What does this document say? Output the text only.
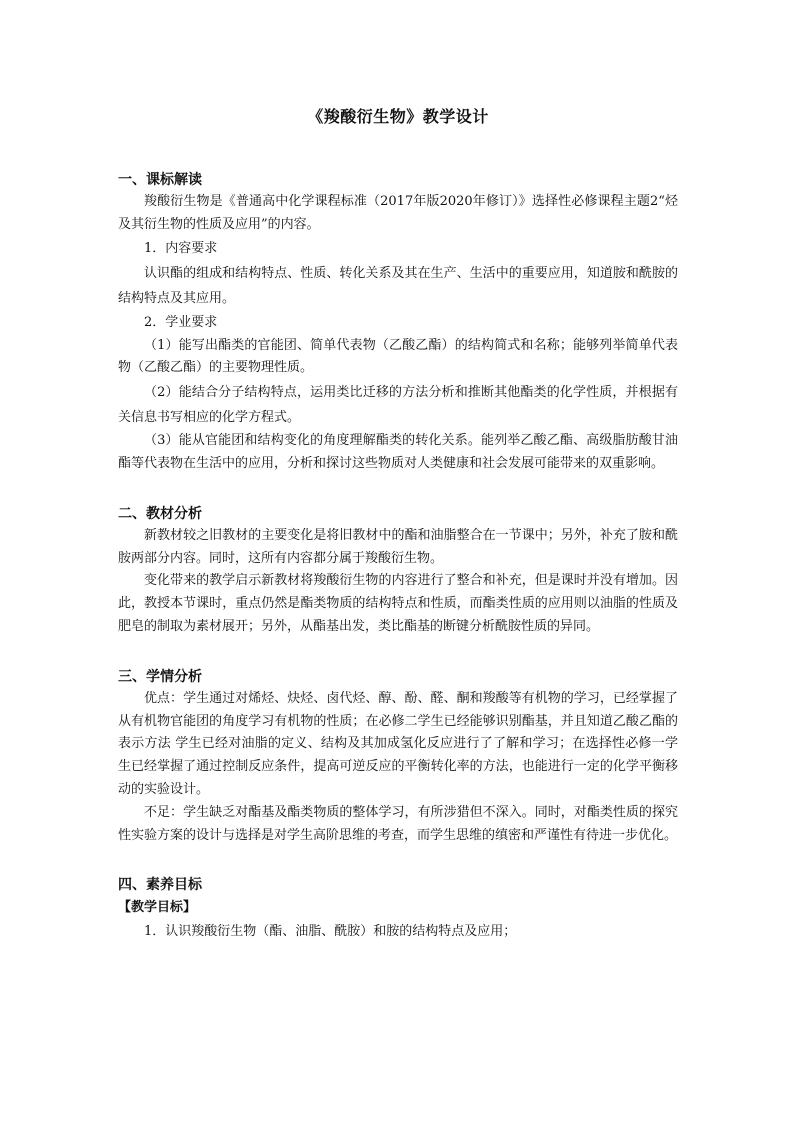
《羧酸衍生物》教学设计
一、课标解读

羧酸衍生物是《普通高中化学课程标准（2017年版2020年修订）》选择性必修课程主题2“烃及其衍生物的性质及应用”的内容。

1．内容要求

认识酯的组成和结构特点、性质、转化关系及其在生产、生活中的重要应用，知道胺和酰胺的结构特点及其应用。

2．学业要求

（1）能写出酯类的官能团、简单代表物（乙酸乙酯）的结构简式和名称；能够列举简单代表物（乙酸乙酯）的主要物理性质。

（2）能结合分子结构特点，运用类比迁移的方法分析和推断其他酯类的化学性质，并根据有关信息书写相应的化学方程式。

（3）能从官能团和结构变化的角度理解酯类的转化关系。能列举乙酸乙酯、高级脂肪酸甘油酯等代表物在生活中的应用，分析和探讨这些物质对人类健康和社会发展可能带来的双重影响。

二、教材分析

新教材较之旧教材的主要变化是将旧教材中的酯和油脂整合在一节课中；另外，补充了胺和酰胺两部分内容。同时，这所有内容都分属于羧酸衍生物。

变化带来的教学启示新教材将羧酸衍生物的内容进行了整合和补充，但是课时并没有增加。因此，教授本节课时，重点仍然是酯类物质的结构特点和性质，而酯类性质的应用则以油脂的性质及肥皂的制取为素材展开；另外，从酯基出发，类比酯基的断键分析酰胺性质的异同。

三、学情分析

优点：学生通过对烯烃、炔烃、卤代烃、醇、酚、醛、酮和羧酸等有机物的学习，已经掌握了从有机物官能团的角度学习有机物的性质；在必修二学生已经能够识别酯基，并且知道乙酸乙酯的表示方法 学生已经对油脂的定义、结构及其加成氢化反应进行了了解和学习；在选择性必修一学生已经掌握了通过控制反应条件，提高可逆反应的平衡转化率的方法，也能进行一定的化学平衡移动的实验设计。

不足：学生缺乏对酯基及酯类物质的整体学习，有所涉猎但不深入。同时，对酯类性质的探究性实验方案的设计与选择是对学生高阶思维的考查，而学生思维的缜密和严谨性有待进一步优化。

四、素养目标

【教学目标】

1．认识羧酸衍生物（酯、油脂、酰胺）和胺的结构特点及应用；
